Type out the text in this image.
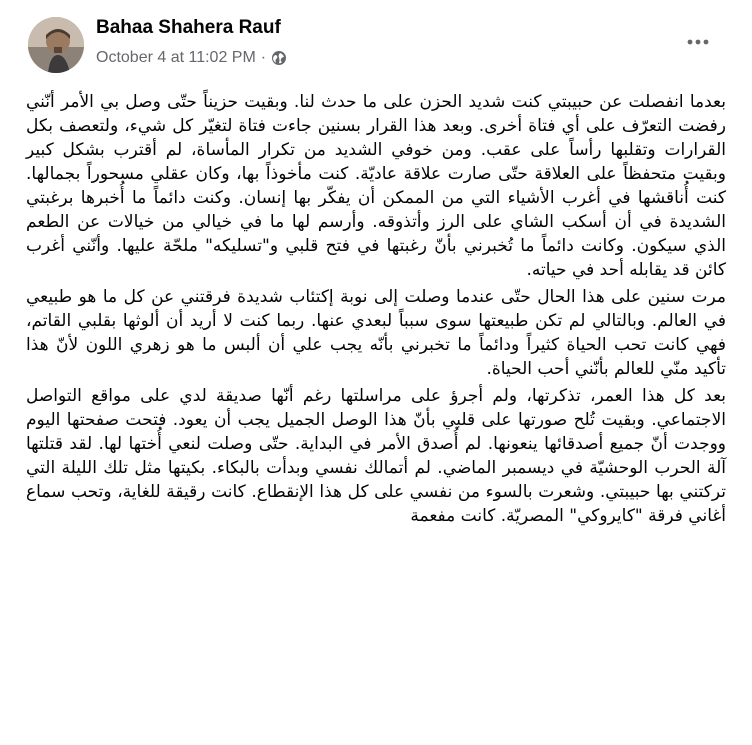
Bahaa Shahera Rauf
October 4 at 11:02 PM ·

بعدما انفصلت عن حبيبتي كنت شديد الحزن على ما حدث لنا. وبقيت حزيناً حتّى وصل بي الأمر أنّني رفضت التعرّف على أي فتاة أخرى. وبعد هذا القرار بسنين جاءت فتاة لتغيّر كل شيء، ولتعصف بكل القرارات وتقلبها رأساً على عقب. ومن خوفي الشديد من تكرار المأساة، لم أقترب بشكل كبير وبقيت متحفظاً على العلاقة حتّى صارت علاقة عاديّة. كنت مأخوذاً بها، وكان عقلي مسحوراً بجمالها. كنت أُناقشها في أغرب الأشياء التي من الممكن أن يفكّر بها إنسان. وكنت دائماً ما أُخبرها برغبتي الشديدة في أن أسكب الشاي على الرز وأتذوقه. وأرسم لها ما في خيالي من خيالات عن الطعم الذي سيكون. وكانت دائماً ما تُخبرني بأنّ رغبتها في فتح قلبي و"تسليكه" ملحّة عليها. وأنّني أغرب كائن قد يقابله أحد في حياته.

مرت سنين على هذا الحال حتّى عندما وصلت إلى نوبة إكتئاب شديدة فرقتني عن كل ما هو طبيعي في العالم. وبالتالي لم تكن طبيعتها سوى سبباً لبعدي عنها. ربما كنت لا أريد أن ألوثها بقلبي القاتم، فهي كانت تحب الحياة كثيراً ودائماً ما تخبرني بأنّه يجب علي أن ألبس ما هو زهري اللون لأنّ هذا تأكيد منّي للعالم بأنّني أحب الحياة.

بعد كل هذا العمر، تذكرتها، ولم أجرؤ على مراسلتها رغم أنّها صديقة لدي على مواقع التواصل الاجتماعي. وبقيت تُلح صورتها على قلبي بأنّ هذا الوصل الجميل يجب أن يعود. فتحت صفحتها اليوم ووجدت أنّ جميع أصدقائها ينعونها. لم أُصدق الأمر في البداية. حتّى وصلت لنعي أُختها لها. لقد قتلتها آلة الحرب الوحشيّة في ديسمبر الماضي. لم أتمالك نفسي وبدأت بالبكاء. بكيتها مثل تلك الليلة التي تركتني بها حبيبتي. وشعرت بالسوء من نفسي على كل هذا الإنقطاع. كانت رقيقة للغاية، وتحب سماع أغاني فرقة "كايروكي" المصريّة. كانت مفعمة
